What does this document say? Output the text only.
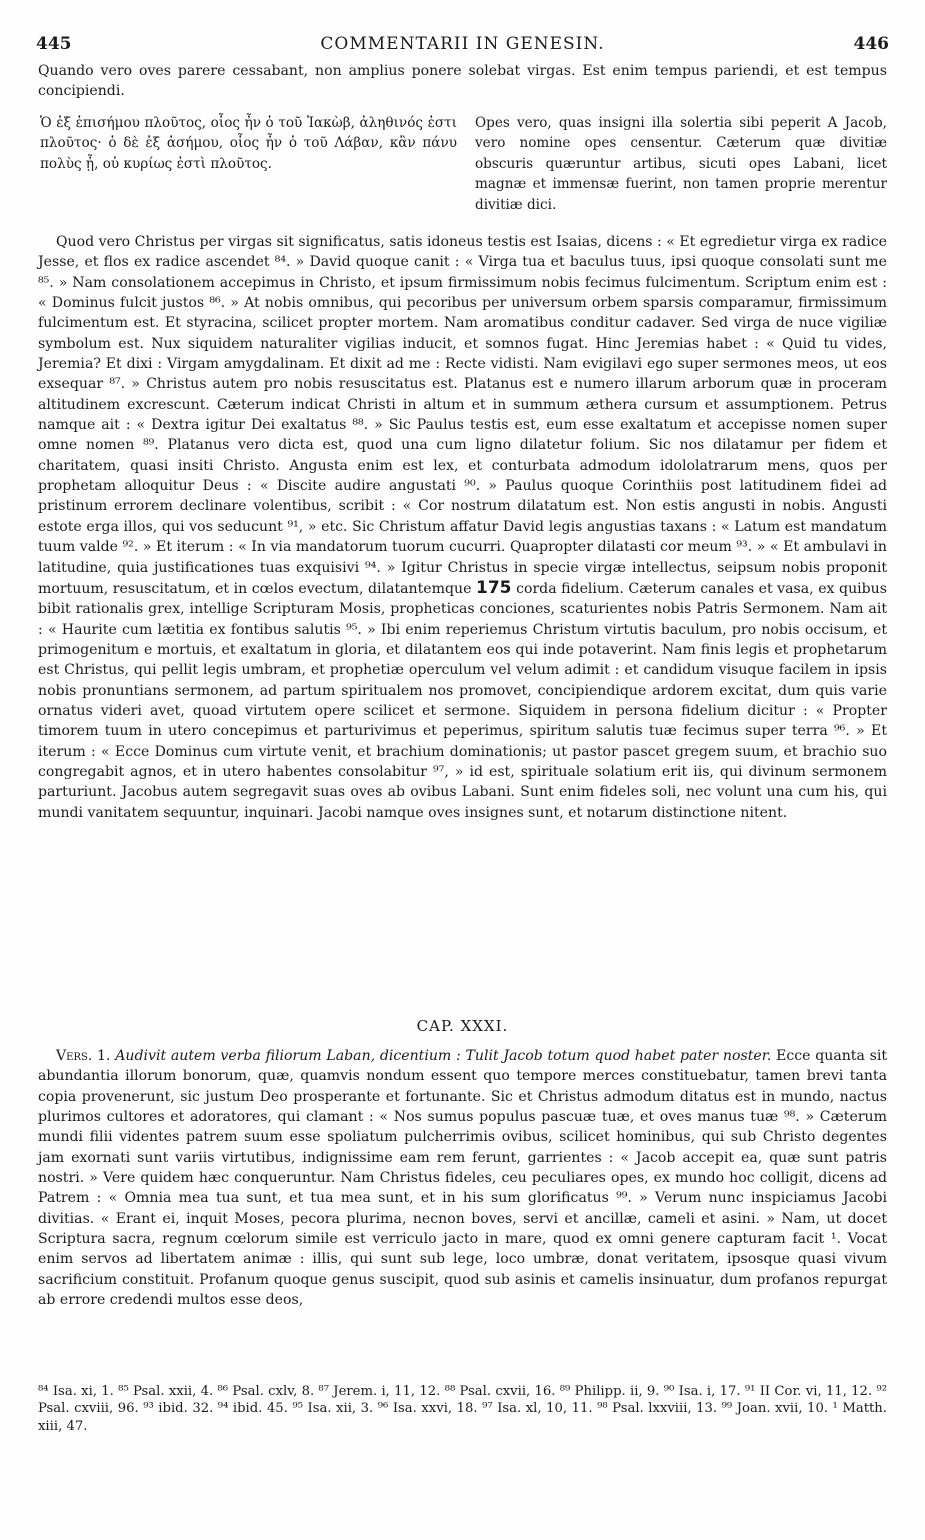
445	COMMENTARII IN GENESIN.	446
Quando vero oves parere cessabant, non amplius ponere solebat virgas. Est enim tempus pariendi, et est tempus concipiendi.
Ὁ ἐξ ἐπισήμου πλοῦτος, οἷος ἦν ὁ τοῦ Ἰακὼβ, ἀληθινός ἐστι πλοῦτος· ὁ δὲ ἐξ ἀσήμου, οἷος ἦν ὁ τοῦ Λάβαν, κἂν πάνυ πολὺς ᾖ, οὐ κυρίως ἐστὶ πλοῦτος.
Opes vero, quas insigni illa solertia sibi peperit A Jacob, vero nomine opes censentur. Cæterum quæ divitiæ obscuris quæruntur artibus, sicuti opes Labani, licet magnæ et immensæ fuerint, non tamen proprie merentur divitiæ dici.
Quod vero Christus per virgas sit significatus, satis idoneus testis est Isaias, dicens : « Et egredietur virga ex radice Jesse, et flos ex radice ascendet ⁸⁴. » David quoque canit : « Virga tua et baculus tuus, ipsi quoque consolati sunt me ⁸⁵. » Nam consolationem accepimus in Christo, et ipsum firmissimum nobis fecimus fulcimentum. Scriptum enim est : « Dominus fulcit justos ⁸⁶. » At nobis omnibus, qui pecoribus per universum orbem sparsis comparamur, firmissimum fulcimentum est. Et styracina, scilicet propter mortem. Nam aromatibus conditur cadaver. Sed virga de nuce vigiliæ symbolum est. Nux siquidem naturaliter vigilias inducit, et somnos fugat. Hinc Jeremias habet : « Quid tu vides, Jeremia? Et dixi : Virgam amygdalinam. Et dixit ad me : Recte vidisti. Nam evigilavi ego super sermones meos, ut eos exsequar ⁸⁷. » Christus autem pro nobis resuscitatus est. Platanus est e numero illarum arborum quæ in proceram altitudinem excrescunt. Cæterum indicat Christi in altum et in summum æthera cursum et assumptionem. Petrus namque ait : « Dextra igitur Dei exaltatus ⁸⁸. » Sic Paulus testis est, eum esse exaltatum et accepisse nomen super omne nomen ⁸⁹. Platanus vero dicta est, quod una cum ligno dilatetur folium. Sic nos dilatamur per fidem et charitatem, quasi insiti Christo. Angusta enim est lex, et conturbata admodum idololatrarum mens, quos per prophetam alloquitur Deus : « Discite audire angustati ⁹⁰. » Paulus quoque Corinthiis post latitudinem fidei ad pristinum errorem declinare volentibus, scribit : « Cor nostrum dilatatum est. Non estis angusti in nobis. Angusti estote erga illos, qui vos seducunt ⁹¹, » etc. Sic Christum affatur David legis angustias taxans : « Latum est mandatum tuum valde ⁹². » Et iterum : « In via mandatorum tuorum cucurri. Quapropter dilatasti cor meum ⁹³. » « Et ambulavi in latitudine, quia justificationes tuas exquisivi ⁹⁴. » Igitur Christus in specie virgæ intellectus, seipsum nobis proponit mortuum, resuscitatum, et in cœlos evectum, dilatantemque 175 corda fidelium. Cæterum canales et vasa, ex quibus bibit rationalis grex, intellige Scripturam Mosis, propheticas conciones, scaturientes nobis Patris Sermonem. Nam ait : « Haurite cum lætitia ex fontibus salutis ⁹⁵. » Ibi enim reperiemus Christum virtutis baculum, pro nobis occisum, et primogenitum e mortuis, et exaltatum in gloria, et dilatantem eos qui inde potaverint. Nam finis legis et prophetarum est Christus, qui pellit legis umbram, et prophetiæ operculum vel velum adimit : et candidum visuque facilem in ipsis nobis pronuntians sermonem, ad partum spiritualem nos promovet, concipiendique ardorem excitat, dum quis varie ornatus videri avet, quoad virtutem opere scilicet et sermone. Siquidem in persona fidelium dicitur : « Propter timorem tuum in utero concepimus et parturivimus et peperimus, spiritum salutis tuæ fecimus super terra ⁹⁶. » Et iterum : « Ecce Dominus cum virtute venit, et brachium dominationis; ut pastor pascet gregem suum, et brachio suo congregabit agnos, et in utero habentes consolabitur ⁹⁷, » id est, spirituale solatium erit iis, qui divinum sermonem parturiunt. Jacobus autem segregavit suas oves ab ovibus Labani. Sunt enim fideles soli, nec volunt una cum his, qui mundi vanitatem sequuntur, inquinari. Jacobi namque oves insignes sunt, et notarum distinctione nitent.
CAP. XXXI.
Vers. 1. Audivit autem verba filiorum Laban, dicentium : Tulit Jacob totum quod habet pater noster. Ecce quanta sit abundantia illorum bonorum, quæ, quamvis nondum essent quo tempore merces constituebatur, tamen brevi tanta copia provenerunt, sic justum Deo prosperante et fortunante. Sic et Christus admodum ditatus est in mundo, nactus plurimos cultores et adoratores, qui clamant : « Nos sumus populus pascuæ tuæ, et oves manus tuæ ⁹⁸. » Cæterum mundi filii videntes patrem suum esse spoliatum pulcherrimis ovibus, scilicet hominibus, qui sub Christo degentes jam exornati sunt variis virtutibus, indignissime eam rem ferunt, garrientes : « Jacob accepit ea, quæ sunt patris nostri. » Vere quidem hæc conqueruntur. Nam Christus fideles, ceu peculiares opes, ex mundo hoc colligit, dicens ad Patrem : « Omnia mea tua sunt, et tua mea sunt, et in his sum glorificatus ⁹⁹. » Verum nunc inspiciamus Jacobi divitias. « Erant ei, inquit Moses, pecora plurima, necnon boves, servi et ancillæ, cameli et asini. » Nam, ut docet Scriptura sacra, regnum cœlorum simile est verriculo jacto in mare, quod ex omni genere capturam facit ¹. Vocat enim servos ad libertatem animæ : illis, qui sunt sub lege, loco umbræ, donat veritatem, ipsosque quasi vivum sacrificium constituit. Profanum quoque genus suscipit, quod sub asinis et camelis insinuatur, dum profanos repurgat ab errore credendi multos esse deos,
⁸⁴ Isa. xi, 1. ⁸⁵ Psal. xxii, 4. ⁸⁶ Psal. cxlv, 8. ⁸⁷ Jerem. i, 11, 12. ⁸⁸ Psal. cxvii, 16. ⁸⁹ Philipp. ii, 9. ⁹⁰ Isa. i, 17. ⁹¹ II Cor. vi, 11, 12. ⁹² Psal. cxviii, 96. ⁹³ ibid. 32. ⁹⁴ ibid. 45. ⁹⁵ Isa. xii, 3. ⁹⁶ Isa. xxvi, 18. ⁹⁷ Isa. xl, 10, 11. ⁹⁸ Psal. lxxviii, 13. ⁹⁹ Joan. xvii, 10. ¹ Matth. xiii, 47.
